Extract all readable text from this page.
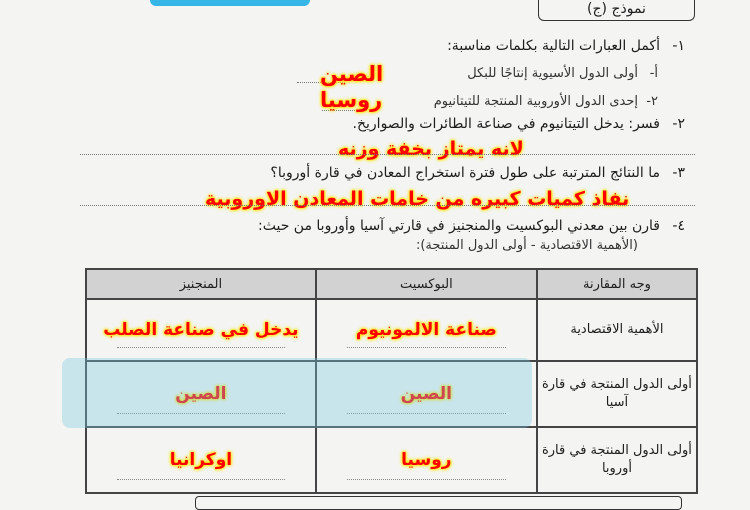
نموذج (ج)
١-
أكمل العبارات التالية بكلمات مناسبة:
أ-
أولى الدول الأسيوية إنتاجًا للبكل
الصين
٢-
إحدى الدول الأوروبية المنتجة للتيتانيوم
روسيا
٢-
فسر: يدخل التيتانيوم في صناعة الطائرات والصواريخ.
لانه يمتاز بخفة وزنه
٣-
ما النتائج المترتبة على طول فترة استخراج المعادن في قارة أوروبا؟
نفاذ كميات كبيره من خامات المعادن الاوروبية
٤-
قارن بين معدني البوكسيت والمنجنيز في قارتي آسيا وأوروبا من حيث:
(الأهمية الاقتصادية - أولى الدول المنتجة):
وجه المقارنة	البوكسيت	المنجنيز
الأهمية الاقتصادية	صناعة الالمونيوم	يدخل في صناعة الصلب

أولى الدول المنتجة في قارة آسيا	الصين	الصين

أولى الدول المنتجة في قارة أوروبا	روسيا	اوكرانيا
